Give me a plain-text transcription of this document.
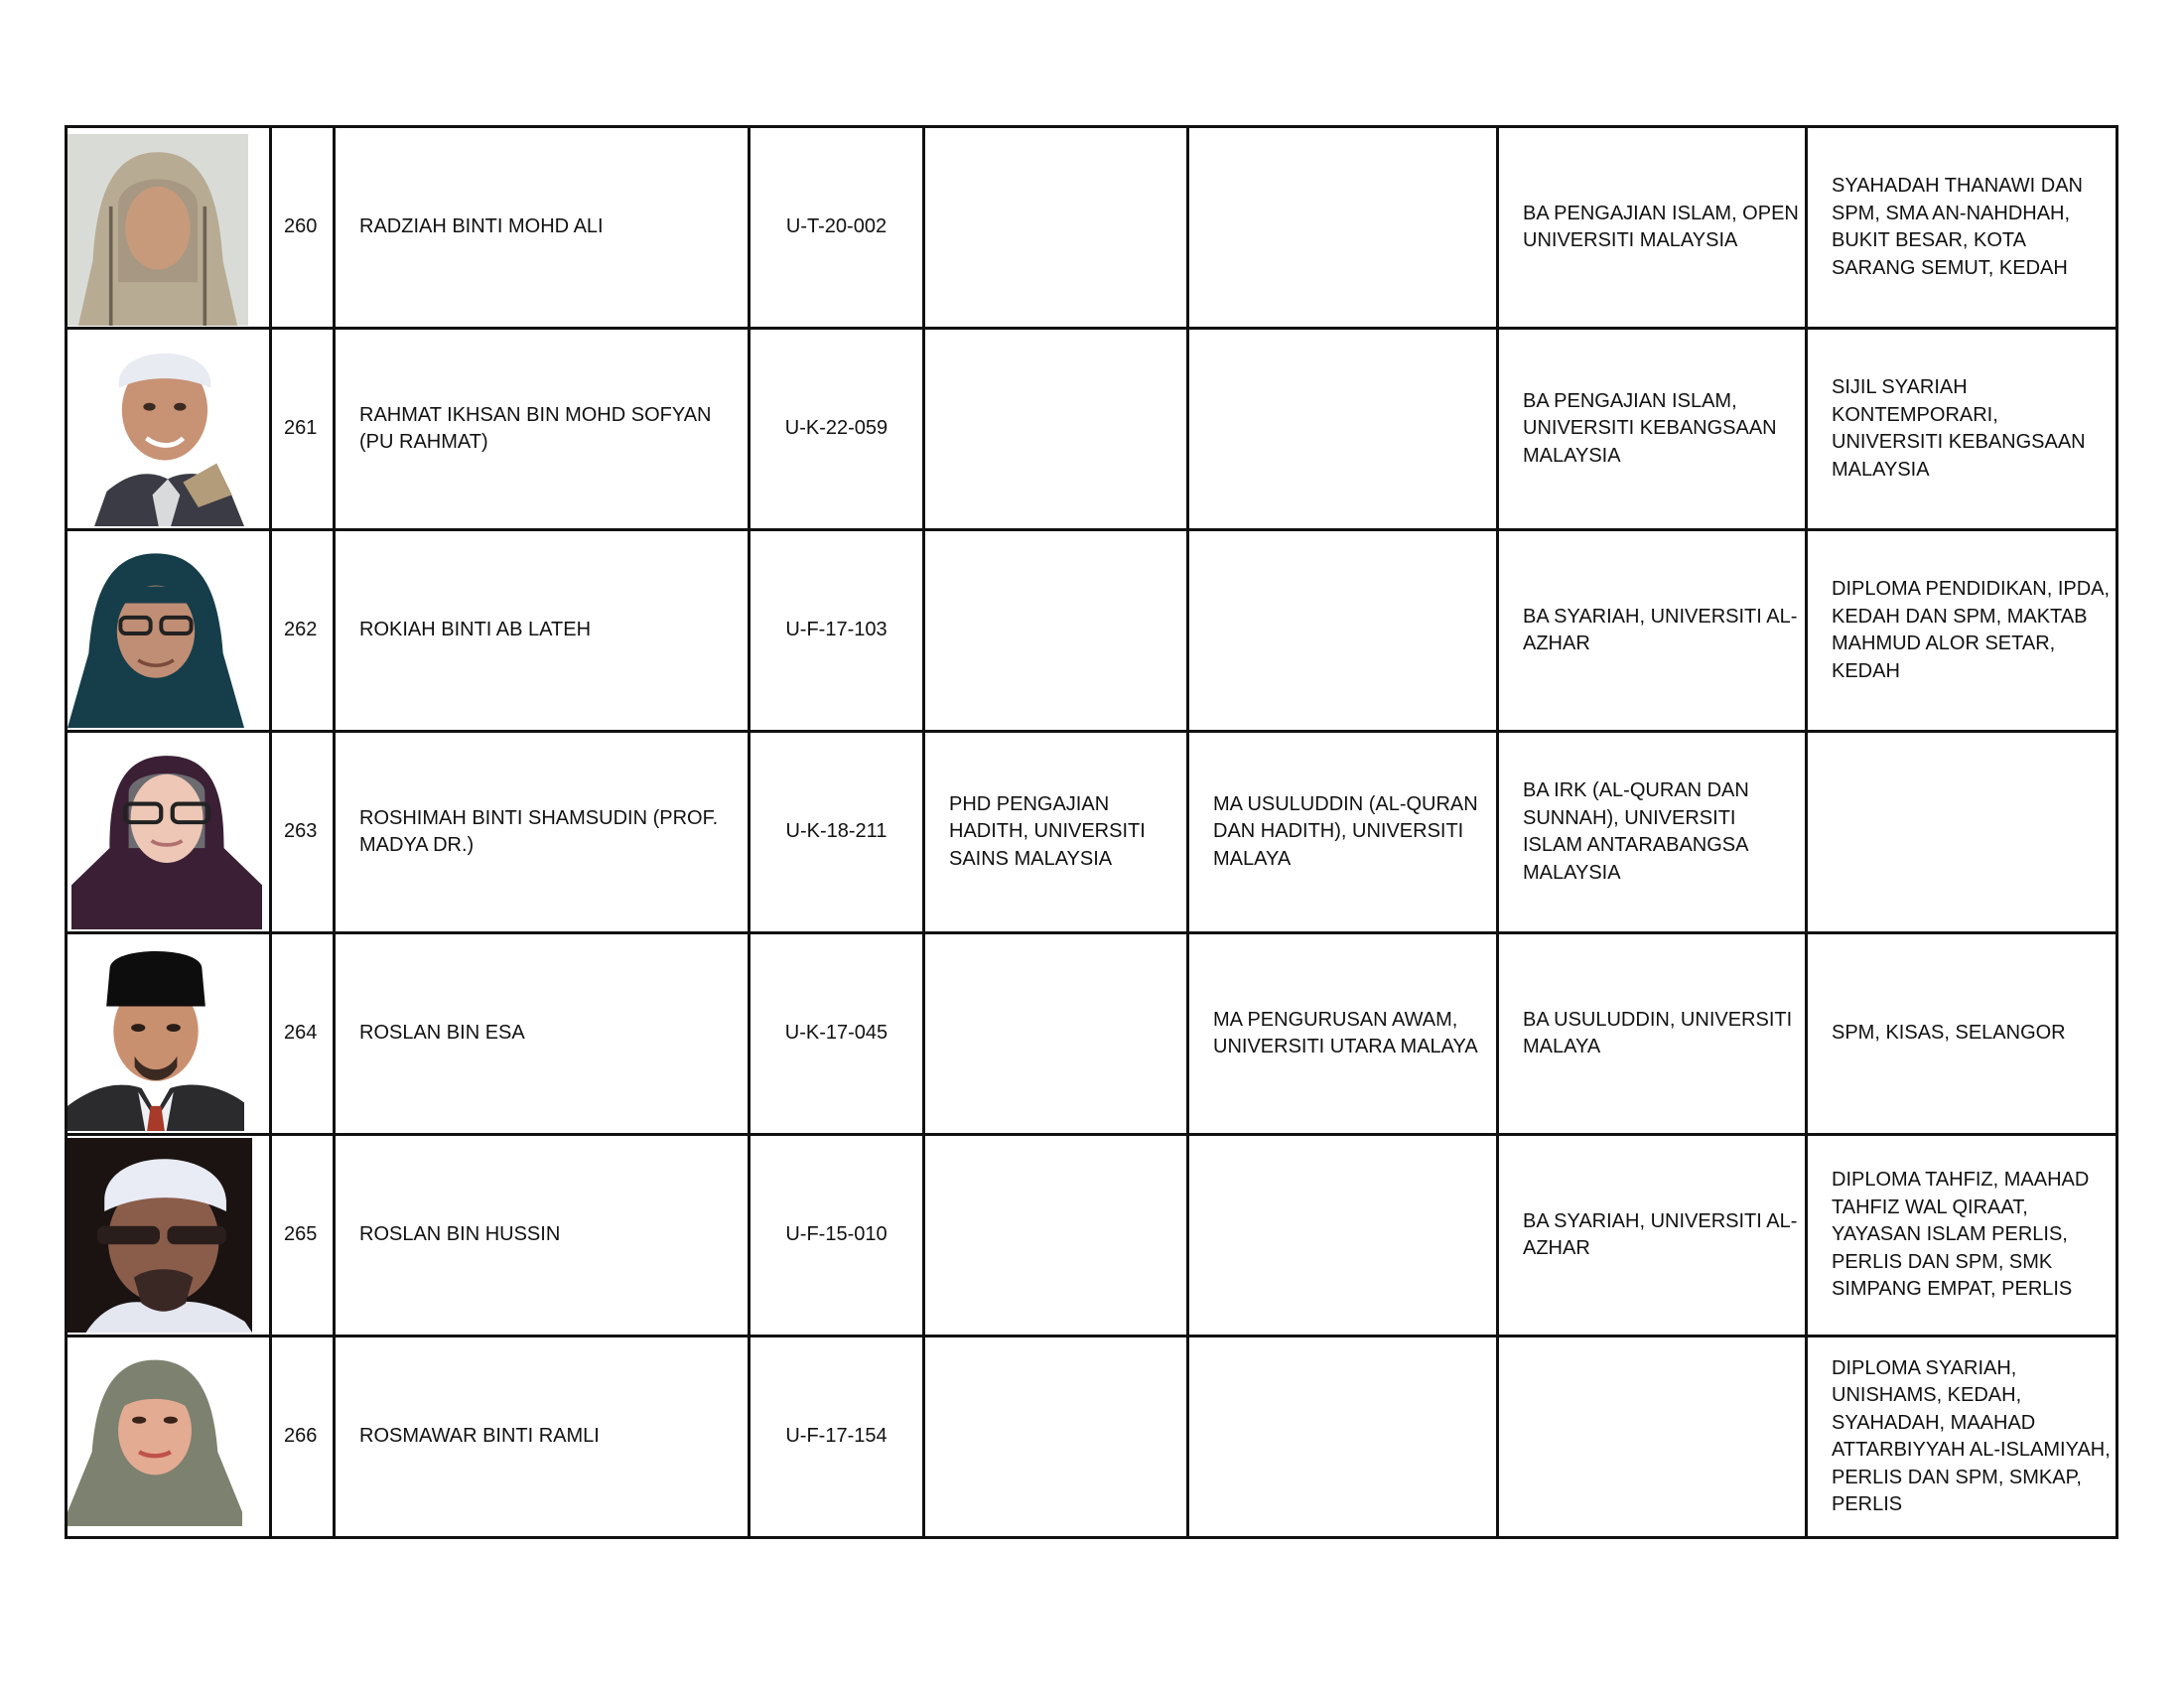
	260	RADZIAH BINTI MOHD ALI	U-T-20-002			BA PENGAJIAN ISLAM, OPEN UNIVERSITI MALAYSIA	SYAHADAH THANAWI DAN SPM, SMA AN-NAHDHAH, BUKIT BESAR, KOTA SARANG SEMUT, KEDAH

	261	RAHMAT IKHSAN BIN MOHD SOFYAN (PU RAHMAT)	U-K-22-059			BA PENGAJIAN ISLAM, UNIVERSITI KEBANGSAAN MALAYSIA	SIJIL SYARIAH KONTEMPORARI, UNIVERSITI KEBANGSAAN MALAYSIA

	262	ROKIAH BINTI AB LATEH	U-F-17-103			BA SYARIAH, UNIVERSITI AL-AZHAR	DIPLOMA PENDIDIKAN, IPDA, KEDAH DAN SPM, MAKTAB MAHMUD ALOR SETAR, KEDAH

	263	ROSHIMAH BINTI SHAMSUDIN (PROF. MADYA DR.)	U-K-18-211	PHD PENGAJIAN HADITH, UNIVERSITI SAINS MALAYSIA	MA USULUDDIN (AL-QURAN DAN HADITH), UNIVERSITI MALAYA	BA IRK (AL-QURAN DAN SUNNAH), UNIVERSITI ISLAM ANTARABANGSA MALAYSIA	

	264	ROSLAN BIN ESA	U-K-17-045		MA PENGURUSAN AWAM, UNIVERSITI UTARA MALAYA	BA USULUDDIN, UNIVERSITI MALAYA	SPM, KISAS, SELANGOR

	265	ROSLAN BIN HUSSIN	U-F-15-010			BA SYARIAH, UNIVERSITI AL-AZHAR	DIPLOMA TAHFIZ, MAAHAD TAHFIZ WAL QIRAAT, YAYASAN ISLAM PERLIS, PERLIS DAN SPM, SMK SIMPANG EMPAT, PERLIS

	266	ROSMAWAR BINTI RAMLI	U-F-17-154				DIPLOMA SYARIAH, UNISHAMS, KEDAH, SYAHADAH, MAAHAD ATTARBIYYAH AL-ISLAMIYAH, PERLIS DAN SPM, SMKAP, PERLIS
